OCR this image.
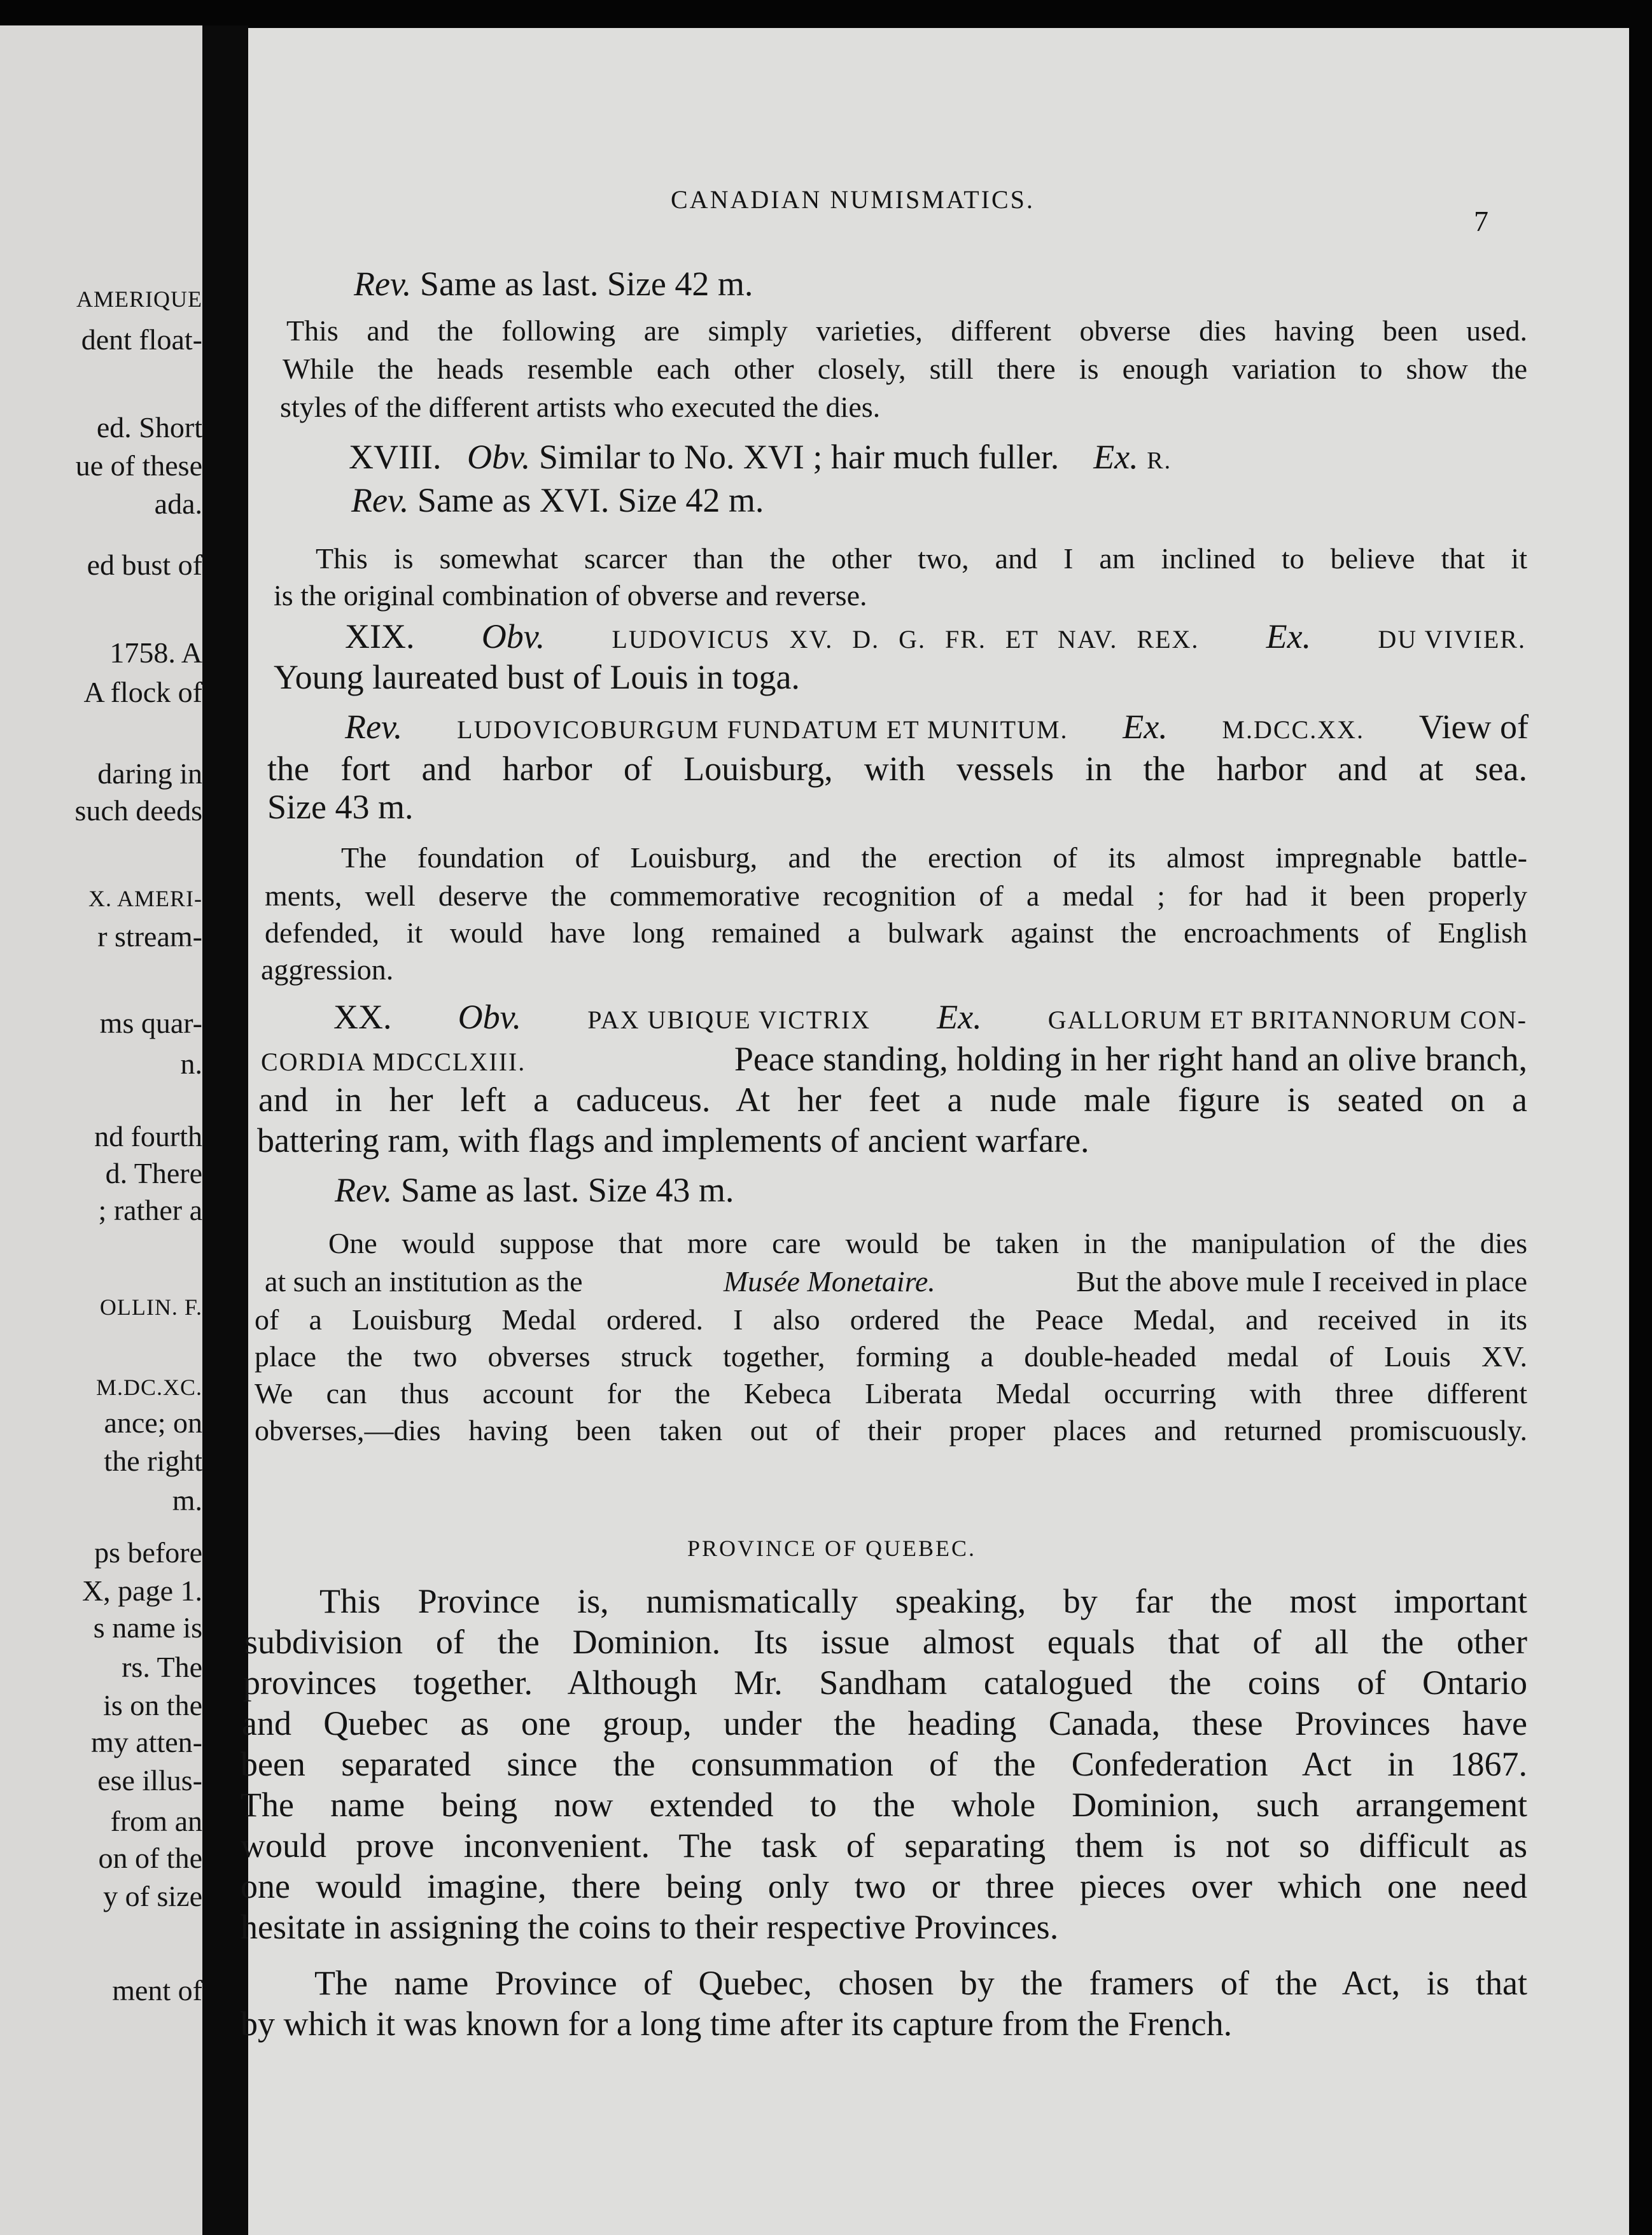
AMERIQUE
dent float-
ed. Short
ue of these
ada.
ed bust of
1758. A
A flock of
daring in
such deeds
X. AMERI-
r stream-
ms quar-
n.
nd fourth
d. There
; rather a
OLLIN. F.
M.DC.XC.
ance; on
the right
m.
ps before
X, page 1.
s name is
rs. The
is on the
my atten-
ese illus-
from an
on of the
y of size
ment of
CANADIAN NUMISMATICS.
7
Rev. Same as last. Size 42 m.
This and the following are simply varieties, different obverse dies having been used.
While the heads resemble each other closely, still there is enough variation to show the
styles of the different artists who executed the dies.
XVIII. Obv. Similar to No. XVI ; hair much fuller. Ex. R.
Rev. Same as XVI. Size 42 m.
This is somewhat scarcer than the other two, and I am inclined to believe that it
is the original combination of obverse and reverse.
XIX. Obv.	LUDOVICUS XV. D. G. FR. ET NAV. REX. Ex.	DU VIVIER.
Young laureated bust of Louis in toga.
Rev. LUDOVICOBURGUM FUNDATUM ET MUNITUM. Ex. M.DCC.XX. View of
the fort and harbor of Louisburg, with vessels in the harbor and at sea.
Size 43 m.
The foundation of Louisburg, and the erection of its almost impregnable battle-
ments, well deserve the commemorative recognition of a medal ; for had it been properly
defended, it would have long remained a bulwark against the encroachments of English
aggression.
XX. Obv.	PAX UBIQUE VICTRIX Ex.	GALLORUM ET BRITANNORUM CON-
CORDIA MDCCLXIII.	Peace standing, holding in her right hand an olive branch,
and in her left a caduceus. At her feet a nude male figure is seated on a
battering ram, with flags and implements of ancient warfare.
Rev. Same as last. Size 43 m.
One would suppose that more care would be taken in the manipulation of the dies
at such an institution as the	Musée Monetaire.	But the above mule I received in place
of a Louisburg Medal ordered. I also ordered the Peace Medal, and received in its
place the two obverses struck together, forming a double-headed medal of Louis XV.
We can thus account for the Kebeca Liberata Medal occurring with three different
obverses,—dies having been taken out of their proper places and returned promiscuously.
PROVINCE OF QUEBEC.
This Province is, numismatically speaking, by far the most important
subdivision of the Dominion. Its issue almost equals that of all the other
provinces together. Although Mr. Sandham catalogued the coins of Ontario
and Quebec as one group, under the heading Canada, these Provinces have
been separated since the consummation of the Confederation Act in 1867.
The name being now extended to the whole Dominion, such arrangement
would prove inconvenient. The task of separating them is not so difficult as
one would imagine, there being only two or three pieces over which one need
hesitate in assigning the coins to their respective Provinces.
The name Province of Quebec, chosen by the framers of the Act, is that
by which it was known for a long time after its capture from the French.
